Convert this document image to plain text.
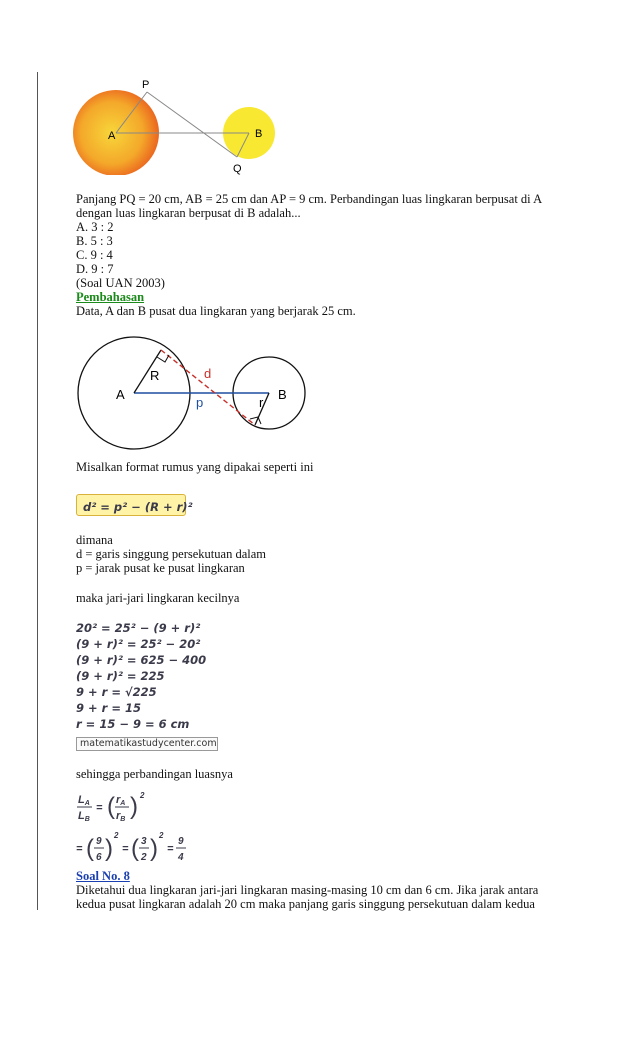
P
A	B
Q
Panjang PQ = 20 cm, AB = 25 cm dan AP = 9 cm. Perbandingan luas lingkaran berpusat di A
dengan luas lingkaran berpusat di B adalah...
A. 3 : 2
B. 5 : 3
C. 9 : 4
D. 9 : 7
(Soal UAN 2003)
Pembahasan
Data, A dan B pusat dua lingkaran yang berjarak 25 cm.
A	B
R
r
d
p
Misalkan format rumus yang dipakai seperti ini
d² = p² − (R + r)²
dimana
d = garis singgung persekutuan dalam
p = jarak pusat ke pusat lingkaran
maka jari-jari lingkaran kecilnya
20² = 25² − (9 + r)²
(9 + r)² = 25² − 20²
(9 + r)² = 625 − 400
(9 + r)² = 225
9 + r = √225
9 + r = 15
r = 15 − 9 = 6 cm
matematikastudycenter.com
sehingga perbandingan luasnya
LA
LB
= ( rA
rB ) 2
= ( 9
6 ) 2
= ( 3
2 ) 2
=
9
4
Soal No. 8
Diketahui dua lingkaran jari-jari lingkaran masing-masing 10 cm dan 6 cm. Jika jarak antara
kedua pusat lingkaran adalah 20 cm maka panjang garis singgung persekutuan dalam kedua
